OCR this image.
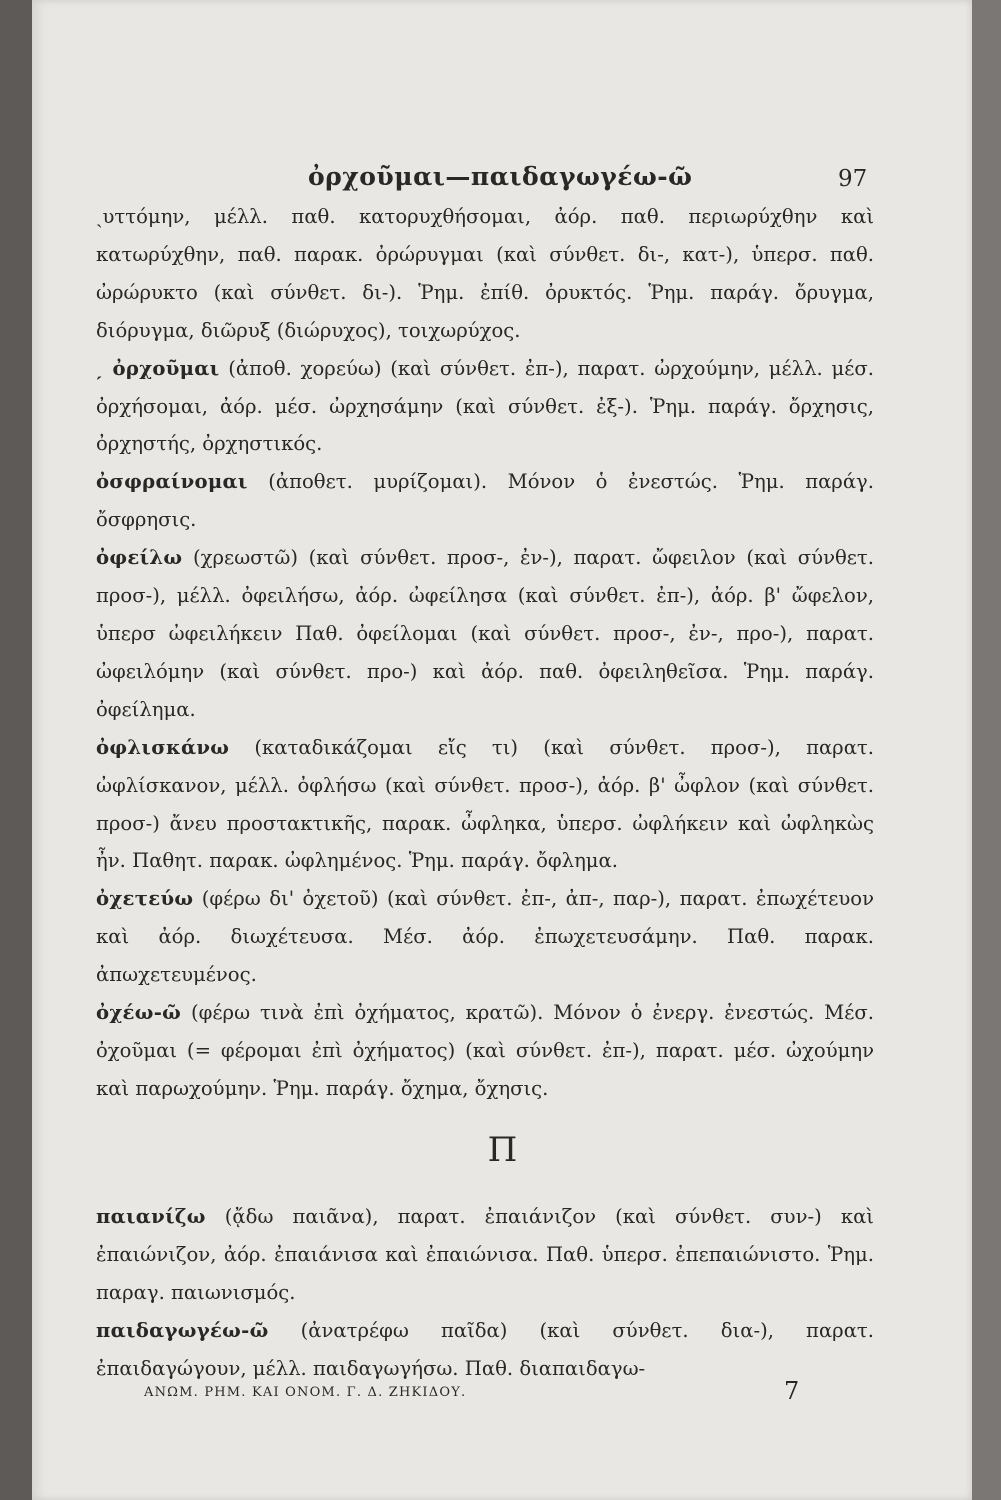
ὀρχοῦμαι—παιδαγωγέω-ῶ	97

ˏυττόμην, μέλλ. παθ. κατορυχθήσομαι, ἀόρ. παθ. περιωρύχθην καὶ κατωρύχθην, παθ. παρακ. ὀρώρυγμαι (καὶ σύνθετ. δι-, κατ-), ὑπερσ. παθ. ὠρώρυκτο (καὶ σύνθετ. δι-). Ῥημ. ἐπίθ. ὀρυκτός. Ῥημ. παράγ. ὄρυγμα, διόρυγμα, διῶρυξ (διώρυχος), τοιχωρύχος.

ˏ ὀρχοῦμαι (ἀποθ. χορεύω) (καὶ σύνθετ. ἐπ-), παρατ. ὠρχούμην, μέλλ. μέσ. ὀρχήσομαι, ἀόρ. μέσ. ὠρχησάμην (καὶ σύνθετ. ἐξ-). Ῥημ. παράγ. ὄρχησις, ὀρχηστής, ὀρχηστικός.

ὀσφραίνομαι (ἀποθετ. μυρίζομαι). Μόνον ὁ ἐνεστώς. Ῥημ. παράγ. ὄσφρησις.

ὀφείλω (χρεωστῶ) (καὶ σύνθετ. προσ-, ἐν-), παρατ. ὤφειλον (καὶ σύνθετ. προσ-), μέλλ. ὀφειλήσω, ἀόρ. ὠφείλησα (καὶ σύνθετ. ἐπ-), ἀόρ. β' ὤφελον, ὑπερσ ὠφειλήκειν Παθ. ὀφείλομαι (καὶ σύνθετ. προσ-, ἐν-, προ-), παρατ. ὠφειλόμην (καὶ σύνθετ. προ-) καὶ ἀόρ. παθ. ὀφειληθεῖσα. Ῥημ. παράγ. ὀφείλημα.

ὀφλισκάνω (καταδικάζομαι εἴς τι) (καὶ σύνθετ. προσ-), παρατ. ὠφλίσκανον, μέλλ. ὀφλήσω (καὶ σύνθετ. προσ-), ἀόρ. β' ὦφλον (καὶ σύνθετ. προσ-) ἄνευ προστακτικῆς, παρακ. ὦφληκα, ὑπερσ. ὠφλήκειν καὶ ὠφληκὼς ἦν. Παθητ. παρακ. ὠφλημένος. Ῥημ. παράγ. ὄφλημα.

ὀχετεύω (φέρω δι' ὀχετοῦ) (καὶ σύνθετ. ἐπ-, ἀπ-, παρ-), παρατ. ἐπωχέτευον καὶ ἀόρ. διωχέτευσα. Μέσ. ἀόρ. ἐπωχετευσάμην. Παθ. παρακ. ἀπωχετευμένος.

ὀχέω-ῶ (φέρω τινὰ ἐπὶ ὀχήματος, κρατῶ). Μόνον ὁ ἐνεργ. ἐνεστώς. Μέσ. ὀχοῦμαι (= φέρομαι ἐπὶ ὀχήματος) (καὶ σύνθετ. ἐπ-), παρατ. μέσ. ὠχούμην καὶ παρωχούμην. Ῥημ. παράγ. ὄχημα, ὄχησις.

Π

παιανίζω (ᾄδω παιᾶνα), παρατ. ἐπαιάνιζον (καὶ σύνθετ. συν-) καὶ ἐπαιώνιζον, ἀόρ. ἐπαιάνισα καὶ ἐπαιώνισα. Παθ. ὑπερσ. ἐπεπαιώνιστο. Ῥημ. παραγ. παιωνισμός.

παιδαγωγέω-ῶ (ἀνατρέφω παῖδα) (καὶ σύνθετ. δια-), παρατ. ἐπαιδαγώγουν, μέλλ. παιδαγωγήσω. Παθ. διαπαιδαγω-

ΑΝΩΜ. ΡΗΜ. ΚΑΙ ΟΝΟΜ. Γ. Δ. ΖΗΚΙΔΟΥ.	7
